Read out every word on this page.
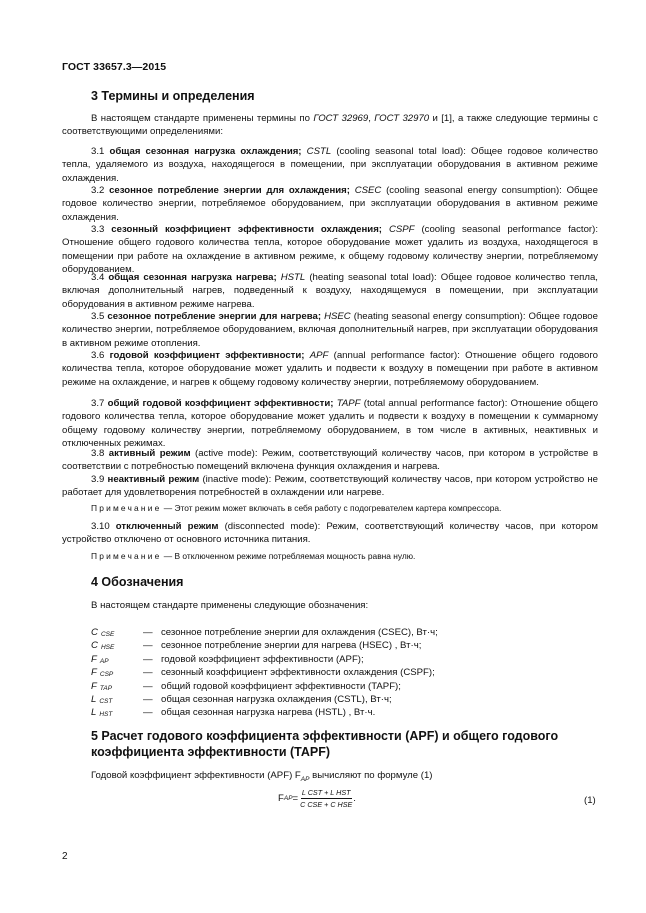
ГОСТ 33657.3—2015
3 Термины и определения
В настоящем стандарте применены термины по ГОСТ 32969, ГОСТ 32970 и [1], а также следующие термины с соответствующими определениями:
3.1 общая сезонная нагрузка охлаждения; CSTL (cooling seasonal total load): Общее годовое количество тепла, удаляемого из воздуха, находящегося в помещении, при эксплуатации оборудования в активном режиме охлаждения.
3.2 сезонное потребление энергии для охлаждения; CSEC (cooling seasonal energy consumption): Общее годовое количество энергии, потребляемое оборудованием, при эксплуатации оборудования в активном режиме охлаждения.
3.3 сезонный коэффициент эффективности охлаждения; CSPF (cooling seasonal performance factor): Отношение общего годового количества тепла, которое оборудование может удалить из воздуха, находящегося в помещении при работе на охлаждение в активном режиме, к общему годовому количеству энергии, потребляемому оборудованием.
3.4 общая сезонная нагрузка нагрева; HSTL (heating seasonal total load): Общее годовое количество тепла, включая дополнительный нагрев, подведенный к воздуху, находящемуся в помещении, при эксплуатации оборудования в активном режиме нагрева.
3.5 сезонное потребление энергии для нагрева; HSEC (heating seasonal energy consumption): Общее годовое количество энергии, потребляемое оборудованием, включая дополнительный нагрев, при эксплуатации оборудования в активном режиме отопления.
3.6 годовой коэффициент эффективности; APF (annual performance factor): Отношение общего годового количества тепла, которое оборудование может удалить и подвести к воздуху в помещении при работе в активном режиме на охлаждение, и нагрев к общему годовому количеству энергии, потребляемому оборудованием.
3.7 общий годовой коэффициент эффективности; TAPF (total annual performance factor): Отношение общего годового количества тепла, которое оборудование может удалить и подвести к воздуху в помещении к суммарному общему годовому количеству энергии, потребляемому оборудованием, в том числе в активных, неактивных и отключенных режимах.
3.8 активный режим (active mode): Режим, соответствующий количеству часов, при котором в устройстве в соответствии с потребностью помещений включена функция охлаждения и нагрева.
3.9 неактивный режим (inactive mode): Режим, соответствующий количеству часов, при котором устройство не работает для удовлетворения потребностей в охлаждении или нагреве.
Примечание — Этот режим может включать в себя работу с подогревателем картера компрессора.
3.10 отключенный режим (disconnected mode): Режим, соответствующий количеству часов, при котором устройство отключено от основного источника питания.
Примечание — В отключенном режиме потребляемая мощность равна нулю.
4 Обозначения
В настоящем стандарте применены следующие обозначения:
C $_{CSE}$	— сезонное потребление энергии для охлаждения (CSEC), Вт·ч;
C $_{HSE}$	— сезонное потребление энергии для нагрева (HSEC) , Вт·ч;
F $_{AP}$	— годовой коэффициент эффективности (APF);
F $_{CSP}$	— сезонный коэффициент эффективности охлаждения (CSPF);
F $_{TAP}$	— общий годовой коэффициент эффективности (TAPF);
L $_{CST}$	— общая сезонная нагрузка охлаждения (CSTL), Вт·ч;
L $_{HST}$	— общая сезонная нагрузка нагрева (HSTL) , Вт·ч.
5 Расчет годового коэффициента эффективности (APF) и общего годового
коэффициента эффективности (TAPF)
Годовой коэффициент эффективности (APF) $F_{AP}$ вычисляют по формуле (1)
F AP = $\frac{\text{L CST + L HST}}{\text{C CSE + C HSE}}$ .	(1)
2
